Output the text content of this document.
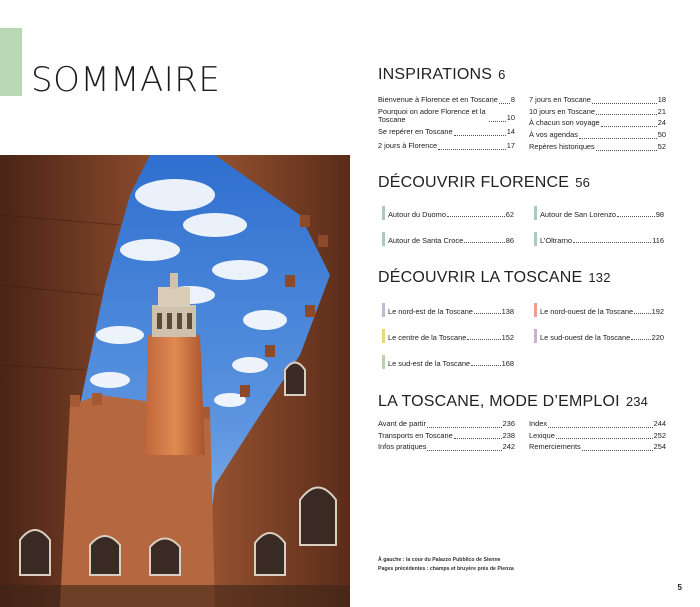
SOMMAIRE	INSPIRATIONS 6
Bienvenue à Florence et en Toscane 8
Pourquoi on adore Florence et la Toscane	10
Se repérer en Toscane	14
2 jours à Florence	17
7 jours en Toscane	18
10 jours en Toscane	21
À chacun son voyage	24
À vos agendas	50
Repères historiques	52
DÉCOUVRIR FLORENCE 56
Autour du Duomo	62	Autour de San Lorenzo	98
Autour de Santa Croce	86	L’Oltrarno	116
DÉCOUVRIR LA TOSCANE 132
Le nord-est de la Toscane	138	Le nord-ouest de la Toscane	192
Le centre de la Toscane	152	Le sud-ouest de la Toscane	220
Le sud-est de la Toscane	168
LA TOSCANE, MODE D’EMPLOI 234
Avant de partir	236
Transports en Toscane	238
Infos pratiques	242
Index	244
Lexique	252
Remerciements	254
À gauche : la cour du Palazzo Pubblico de Sienne
Pages précédentes : champs et bruyère près de Pienza
5
